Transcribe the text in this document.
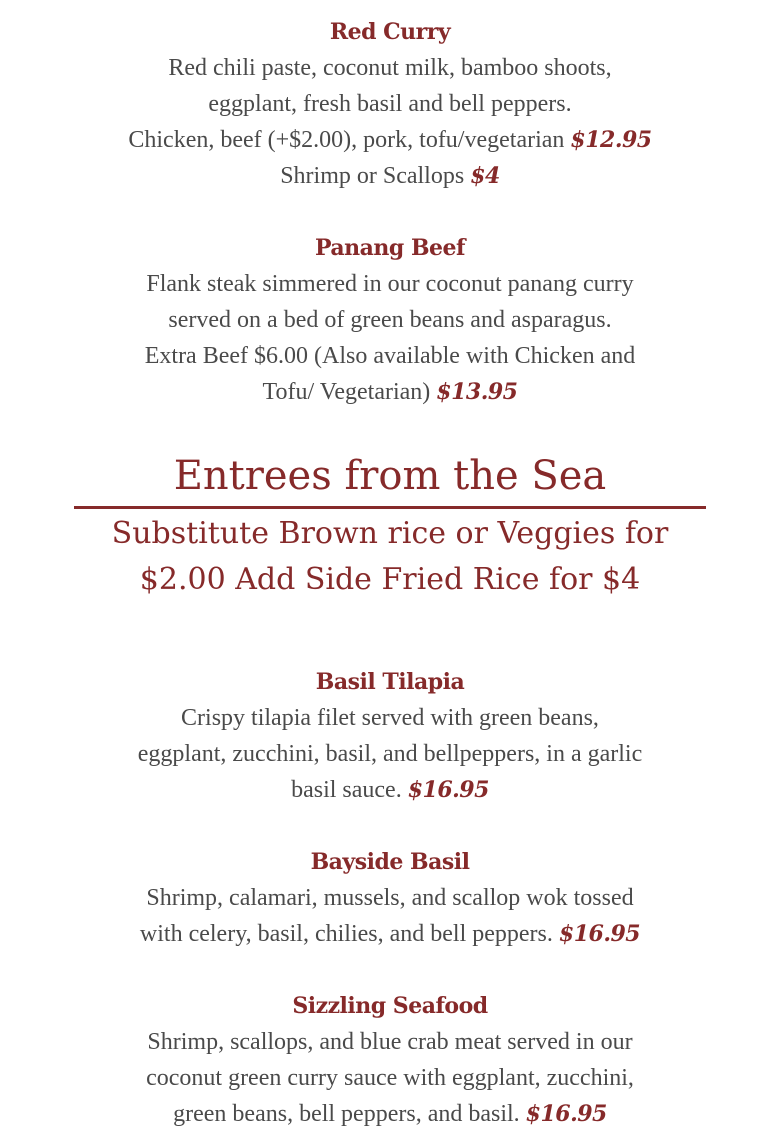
Red Curry
Red chili paste, coconut milk, bamboo shoots,
eggplant, fresh basil and bell peppers.
Chicken, beef (+$2.00), pork, tofu/vegetarian $12.95
Shrimp or Scallops $4
Panang Beef
Flank steak simmered in our coconut panang curry
served on a bed of green beans and asparagus.
Extra Beef $6.00 (Also available with Chicken and
Tofu/ Vegetarian) $13.95
Entrees from the Sea
Substitute Brown rice or Veggies for
$2.00 Add Side Fried Rice for $4
Basil Tilapia
Crispy tilapia filet served with green beans,
eggplant, zucchini, basil, and bellpeppers, in a garlic
basil sauce. $16.95
Bayside Basil
Shrimp, calamari, mussels, and scallop wok tossed
with celery, basil, chilies, and bell peppers. $16.95
Sizzling Seafood
Shrimp, scallops, and blue crab meat served in our
coconut green curry sauce with eggplant, zucchini,
green beans, bell peppers, and basil. $16.95
